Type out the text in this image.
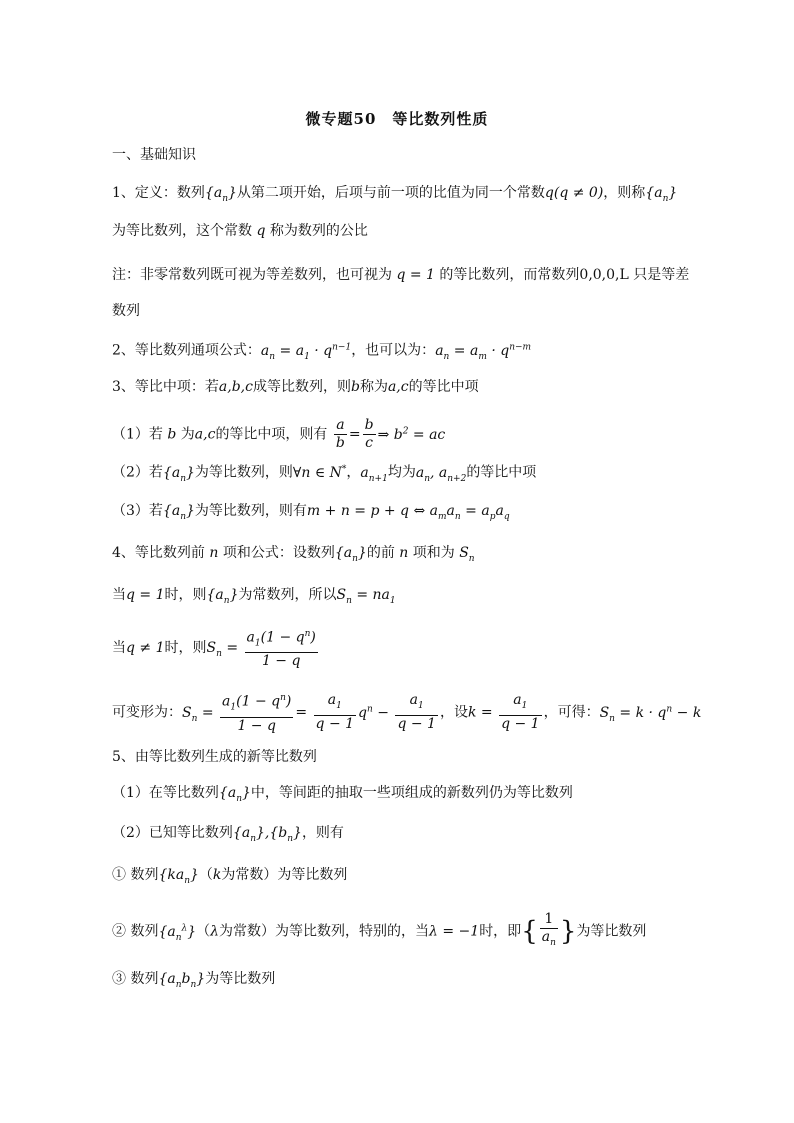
微专题50　等比数列性质
一、基础知识
1、定义：数列$\{a_n\}$从第二项开始，后项与前一项的比值为同一个常数q(q ≠ 0)，则称$\{a_n\}$
为等比数列，这个常数 q 称为数列的公比
注：非零常数列既可视为等差数列，也可视为 q = 1 的等比数列，而常数列0,0,0,L 只是等差
数列
2、等比数列通项公式：$a_n = a_1 \cdot q^{n-1}$，也可以为：$a_n = a_m \cdot q^{n-m}$
3、等比中项：若a,b,c成等比数列，则b称为a,c的等比中项
（1）若 b 为a,c的等比中项，则有 $\frac{a}{b} = \frac{b}{c}$ ⇒ $b^2$ = ac
（2）若$\{a_n\}$为等比数列，则∀n ∈ N*，$a_{n+1}$均为$a_n$, $a_{n+2}$的等比中项
（3）若$\{a_n\}$为等比数列，则有m + n = p + q ⇔ $a_ma_n = a_pa_q$
4、等比数列前 n 项和公式：设数列$\{a_n\}$的前 n 项和为 $S_n$
当q = 1时，则$\{a_n\}$为常数列，所以$S_n = na_1$
当q ≠ 1时，则$S_n = \frac{a_1(1 - q^n)}{1 - q}$
可变形为：$S_n = \frac{a_1(1 - q^n)}{1 - q} = \frac{a_1}{q - 1} q^n - \frac{a_1}{q - 1}$ ，设$k = \frac{a_1}{q - 1}$ ，可得：$S_n = k \cdot q^n - k$
5、由等比数列生成的新等比数列
（1）在等比数列$\{a_n\}$中，等间距的抽取一些项组成的新数列仍为等比数列
（2）已知等比数列$\{a_n\},\{b_n\}$，则有
① 数列$\{ka_n\}(k$为常数）为等比数列
② 数列$\{a_n^\lambda\}(\lambda$为常数）为等比数列，特别的，当λ = −1时，即{ $\frac{1}{a_n}$ }为等比数列
③ 数列$\{a_nb_n\}$为等比数列
